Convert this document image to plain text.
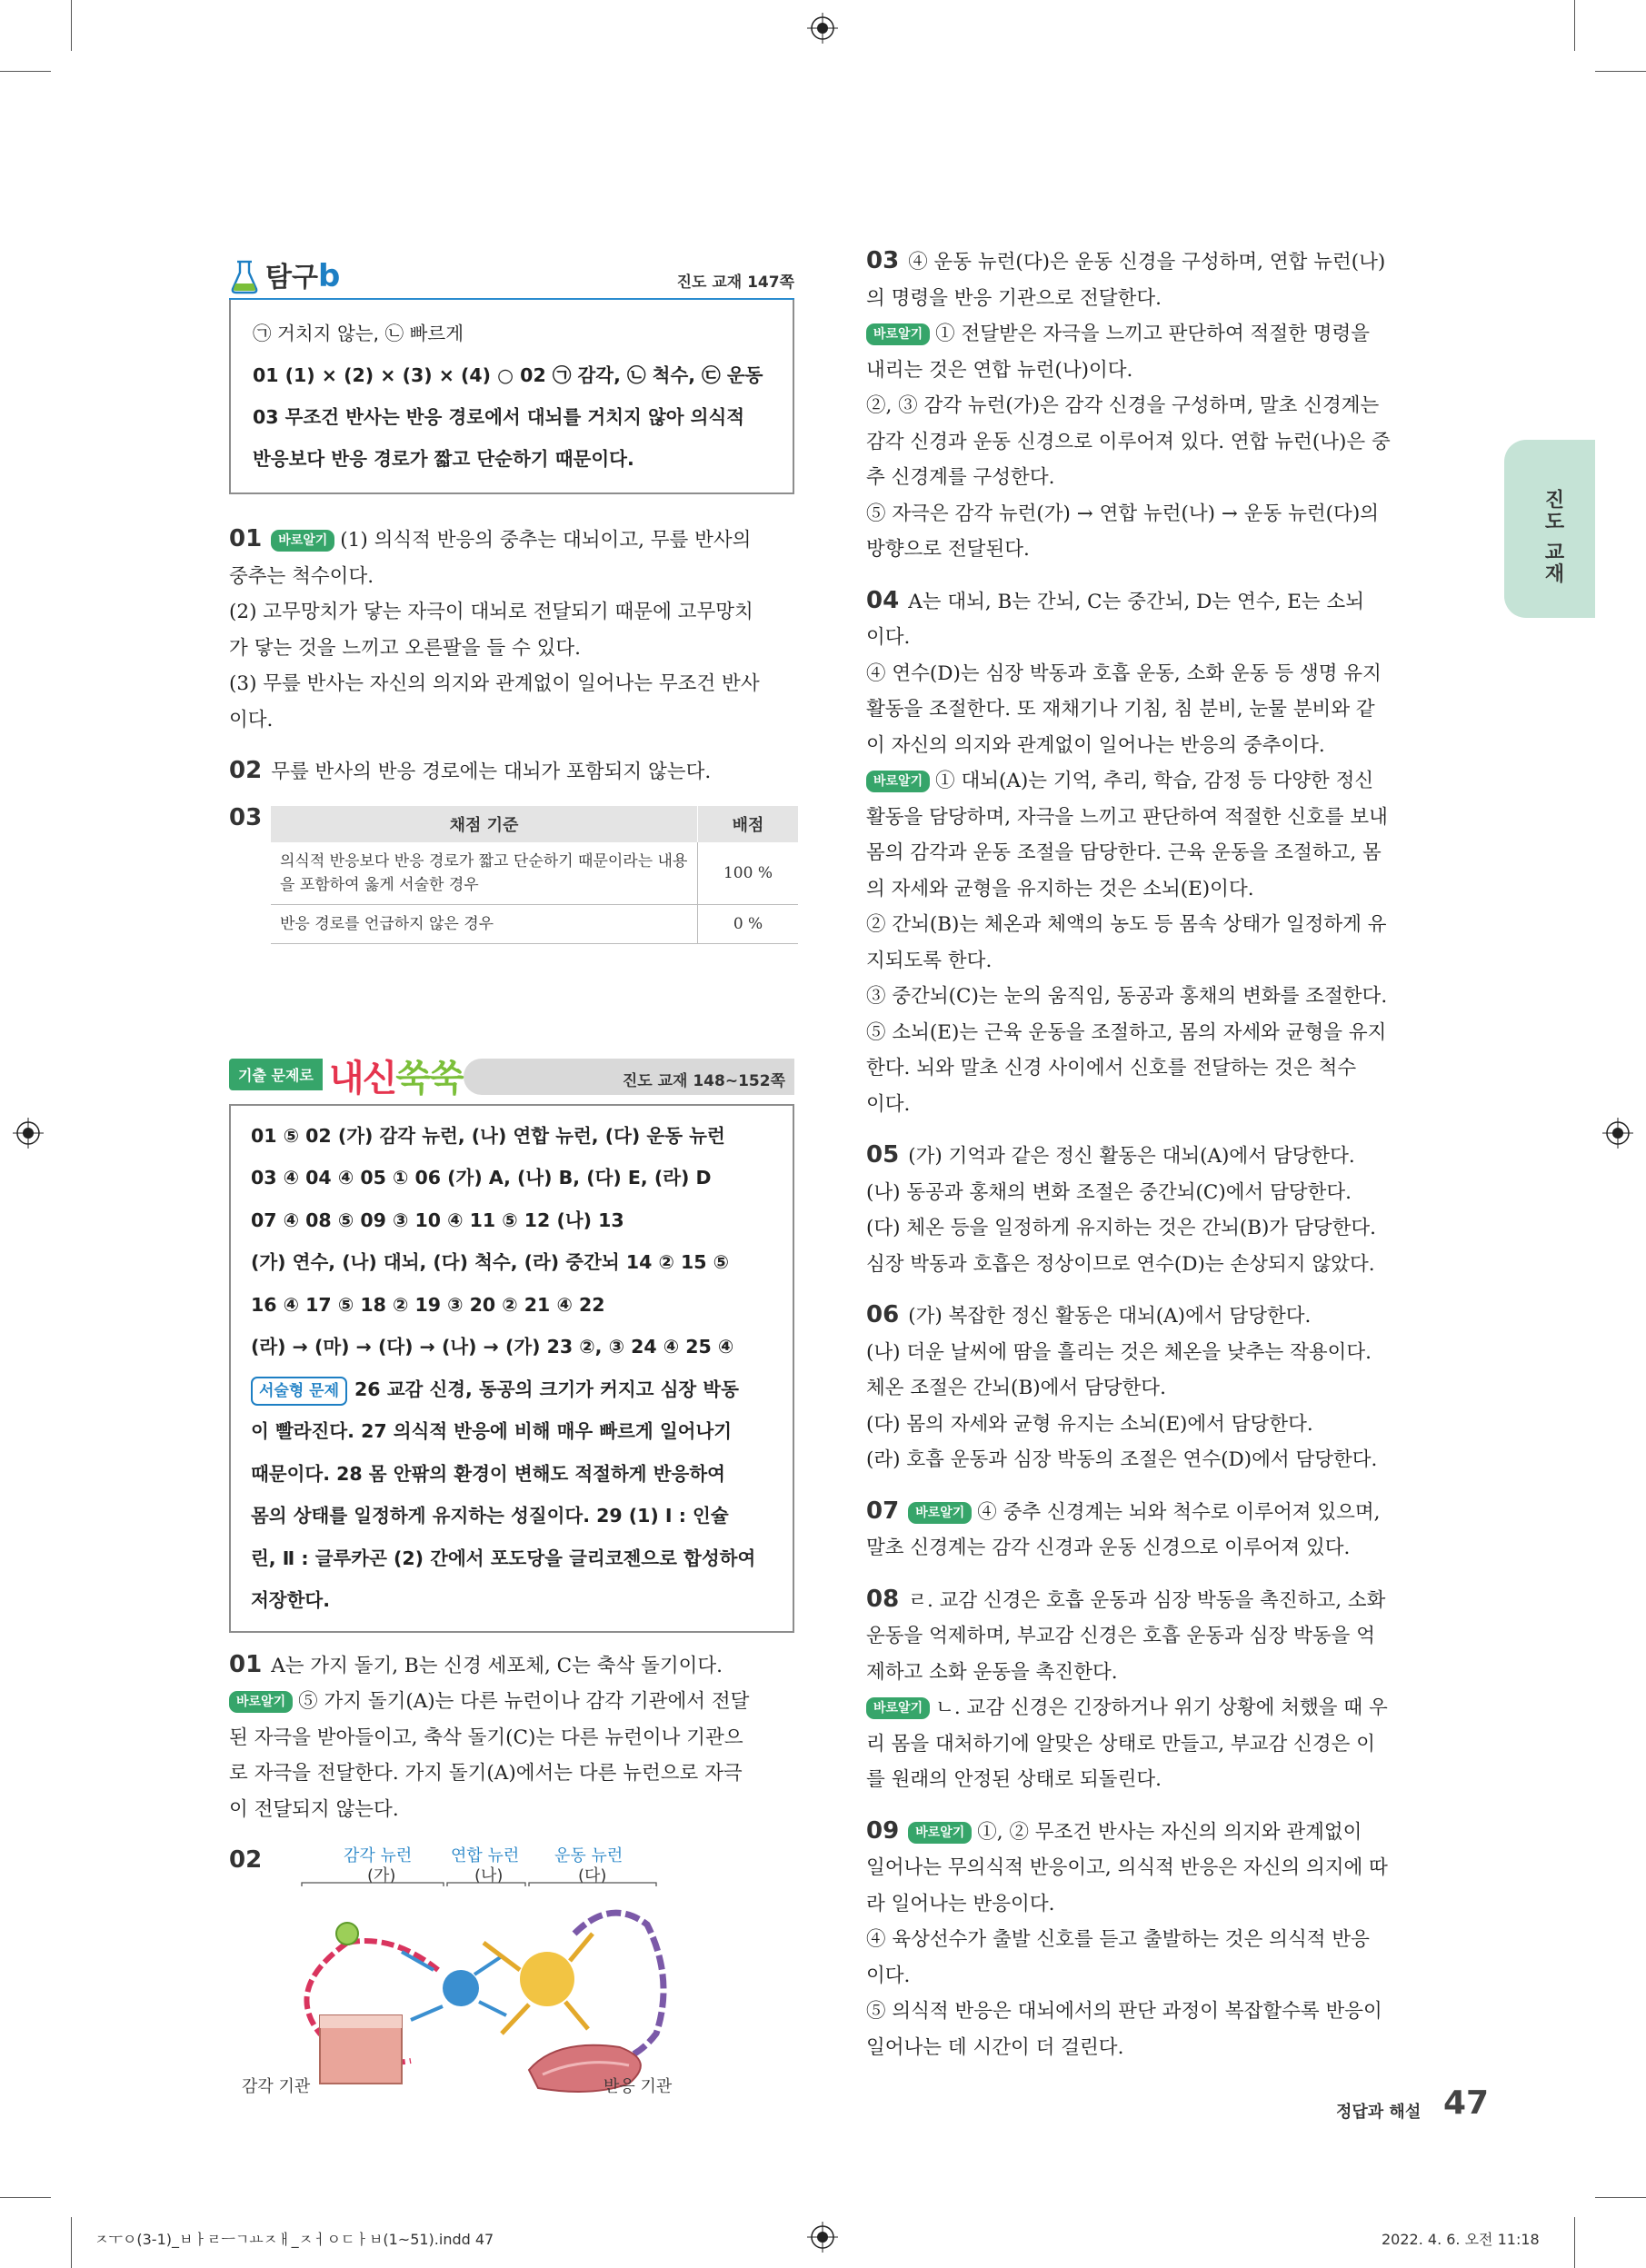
진도 교재
탐구b	진도 교재 147쪽

㉠ 거치지 않는, ㉡ 빠르게

01 (1) × (2) × (3) × (4) ○ 02 ㉠ 감각, ㉡ 척수, ㉢ 운동

03 무조건 반사는 반응 경로에서 대뇌를 거치지 않아 의식적

반응보다 반응 경로가 짧고 단순하기 때문이다.

01 바로알기 (1) 의식적 반응의 중추는 대뇌이고, 무릎 반사의

중추는 척수이다.

(2) 고무망치가 닿는 자극이 대뇌로 전달되기 때문에 고무망치

가 닿는 것을 느끼고 오른팔을 들 수 있다.

(3) 무릎 반사는 자신의 의지와 관계없이 일어나는 무조건 반사

이다.

02 무릎 반사의 반응 경로에는 대뇌가 포함되지 않는다.

03	채점 기준	배점
의식적 반응보다 반응 경로가 짧고 단순하기 때문이라는 내용을 포함하여 옳게 서술한 경우	100 %
반응 경로를 언급하지 않은 경우	0 %
기출 문제로 내신쑥쑥	진도 교재 148~152쪽

01 ⑤ 02 (가) 감각 뉴런, (나) 연합 뉴런, (다) 운동 뉴런

03 ④ 04 ④ 05 ① 06 (가) A, (나) B, (다) E, (라) D

07 ④ 08 ⑤ 09 ③ 10 ④ 11 ⑤ 12 (나) 13

(가) 연수, (나) 대뇌, (다) 척수, (라) 중간뇌 14 ② 15 ⑤

16 ④ 17 ⑤ 18 ② 19 ③ 20 ② 21 ④ 22

(라) → (마) → (다) → (나) → (가) 23 ②, ③ 24 ④ 25 ④

서술형 문제 26 교감 신경, 동공의 크기가 커지고 심장 박동

이 빨라진다. 27 의식적 반응에 비해 매우 빠르게 일어나기

때문이다. 28 몸 안팎의 환경이 변해도 적절하게 반응하여

몸의 상태를 일정하게 유지하는 성질이다. 29 (1) Ⅰ : 인슐

린, Ⅱ : 글루카곤 (2) 간에서 포도당을 글리코젠으로 합성하여

저장한다.

01 A는 가지 돌기, B는 신경 세포체, C는 축삭 돌기이다.

바로알기 ⑤ 가지 돌기(A)는 다른 뉴런이나 감각 기관에서 전달

된 자극을 받아들이고, 축삭 돌기(C)는 다른 뉴런이나 기관으

로 자극을 전달한다. 가지 돌기(A)에서는 다른 뉴런으로 자극

이 전달되지 않는다.

02	감각 뉴런
(가)
연합 뉴런
(나)
운동 뉴런
(다)
감각 기관	반응 기관

03 ④ 운동 뉴런(다)은 운동 신경을 구성하며, 연합 뉴런(나)

의 명령을 반응 기관으로 전달한다.

바로알기 ① 전달받은 자극을 느끼고 판단하여 적절한 명령을

내리는 것은 연합 뉴런(나)이다.

②, ③ 감각 뉴런(가)은 감각 신경을 구성하며, 말초 신경계는

감각 신경과 운동 신경으로 이루어져 있다. 연합 뉴런(나)은 중

추 신경계를 구성한다.

⑤ 자극은 감각 뉴런(가) → 연합 뉴런(나) → 운동 뉴런(다)의

방향으로 전달된다.

04 A는 대뇌, B는 간뇌, C는 중간뇌, D는 연수, E는 소뇌

이다.

④ 연수(D)는 심장 박동과 호흡 운동, 소화 운동 등 생명 유지

활동을 조절한다. 또 재채기나 기침, 침 분비, 눈물 분비와 같

이 자신의 의지와 관계없이 일어나는 반응의 중추이다.

바로알기 ① 대뇌(A)는 기억, 추리, 학습, 감정 등 다양한 정신

활동을 담당하며, 자극을 느끼고 판단하여 적절한 신호를 보내

몸의 감각과 운동 조절을 담당한다. 근육 운동을 조절하고, 몸

의 자세와 균형을 유지하는 것은 소뇌(E)이다.

② 간뇌(B)는 체온과 체액의 농도 등 몸속 상태가 일정하게 유

지되도록 한다.

③ 중간뇌(C)는 눈의 움직임, 동공과 홍채의 변화를 조절한다.

⑤ 소뇌(E)는 근육 운동을 조절하고, 몸의 자세와 균형을 유지

한다. 뇌와 말초 신경 사이에서 신호를 전달하는 것은 척수

이다.

05 (가) 기억과 같은 정신 활동은 대뇌(A)에서 담당한다.

(나) 동공과 홍채의 변화 조절은 중간뇌(C)에서 담당한다.

(다) 체온 등을 일정하게 유지하는 것은 간뇌(B)가 담당한다.

심장 박동과 호흡은 정상이므로 연수(D)는 손상되지 않았다.

06 (가) 복잡한 정신 활동은 대뇌(A)에서 담당한다.

(나) 더운 날씨에 땀을 흘리는 것은 체온을 낮추는 작용이다.

체온 조절은 간뇌(B)에서 담당한다.

(다) 몸의 자세와 균형 유지는 소뇌(E)에서 담당한다.

(라) 호흡 운동과 심장 박동의 조절은 연수(D)에서 담당한다.

07 바로알기 ④ 중추 신경계는 뇌와 척수로 이루어져 있으며,

말초 신경계는 감각 신경과 운동 신경으로 이루어져 있다.

08 ㄹ. 교감 신경은 호흡 운동과 심장 박동을 촉진하고, 소화

운동을 억제하며, 부교감 신경은 호흡 운동과 심장 박동을 억

제하고 소화 운동을 촉진한다.

바로알기 ㄴ. 교감 신경은 긴장하거나 위기 상황에 처했을 때 우

리 몸을 대처하기에 알맞은 상태로 만들고, 부교감 신경은 이

를 원래의 안정된 상태로 되돌린다.

09 바로알기 ①, ② 무조건 반사는 자신의 의지와 관계없이

일어나는 무의식적 반응이고, 의식적 반응은 자신의 의지에 따

라 일어나는 반응이다.

④ 육상선수가 출발 신호를 듣고 출발하는 것은 의식적 반응

이다.

⑤ 의식적 반응은 대뇌에서의 판단 과정이 복잡할수록 반응이

일어나는 데 시간이 더 걸린다.

정답과 해설 47
ㅈㅜㅇ(3-1)_ㅂㅏㄹㅡㄱㅛㅈㅐ_ㅈㅓㅇㄷㅏㅂ(1~51).indd 47	2022. 4. 6. 오전 11:18
